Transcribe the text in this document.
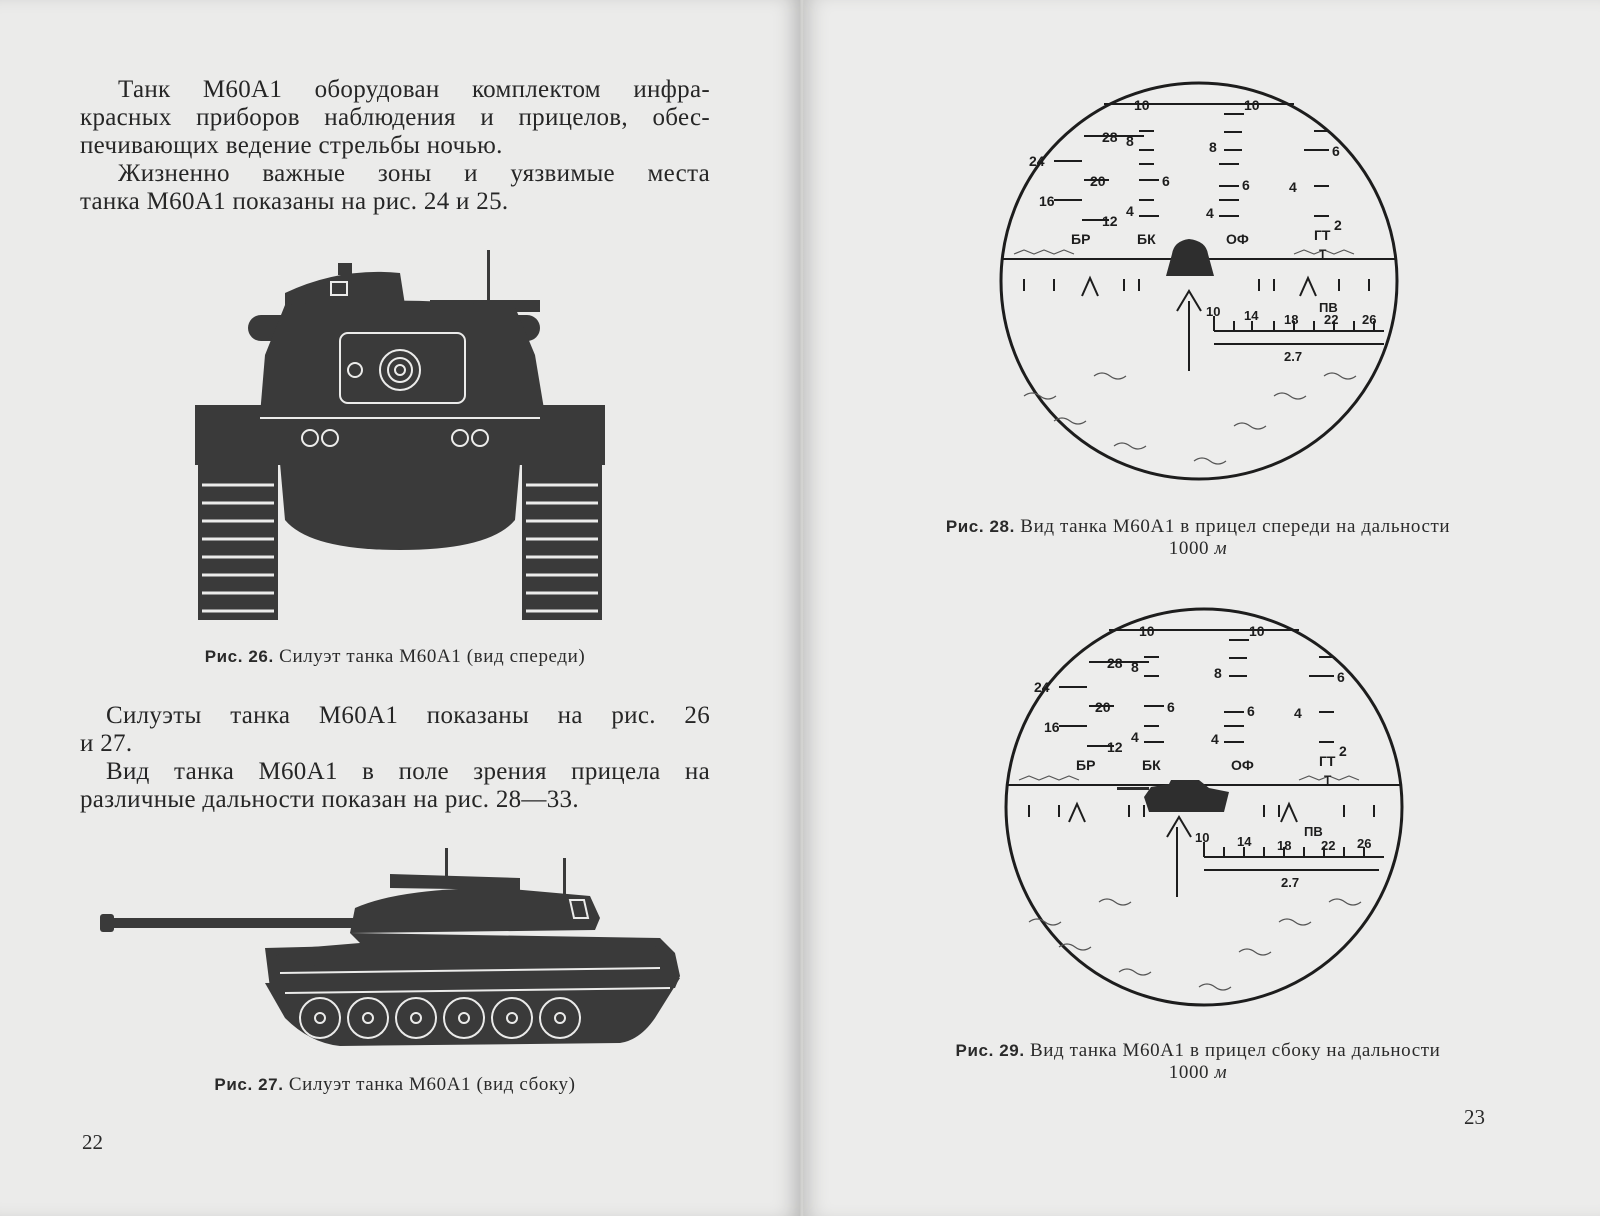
Танк М60А1 оборудован комплектом инфра-
красных приборов наблюдения и прицелов, обес-
печивающих ведение стрельбы ночью.
Жизненно важные зоны и уязвимые места
танка М60А1 показаны на рис. 24 и 25.

Рис. 26. Силуэт танка М60А1 (вид спереди)

Силуэты танка М60А1 показаны на рис. 26
и 27.
Вид танка М60А1 в поле зрения прицела на
различные дальности показан на рис. 28—33.

Рис. 27. Силуэт танка М60А1 (вид сбоку)

22
10	10
28 8	8	6
24
20	6	6	4
16
12
4	4
2
БР	БК	ОФ	ГТ
Т
ПВ
10 14 18 22 26
2.7

Рис. 28. Вид танка М60А1 в прицел спереди на дальности
1000 м

10	10
28 8	8	6
24
20	6	6	4
16
12
4	4
2
БР	БК	ОФ	ГТ
Т
ПВ
10 14 18 22 26
2.7

Рис. 29. Вид танка М60А1 в прицел сбоку на дальности
1000 м

23
